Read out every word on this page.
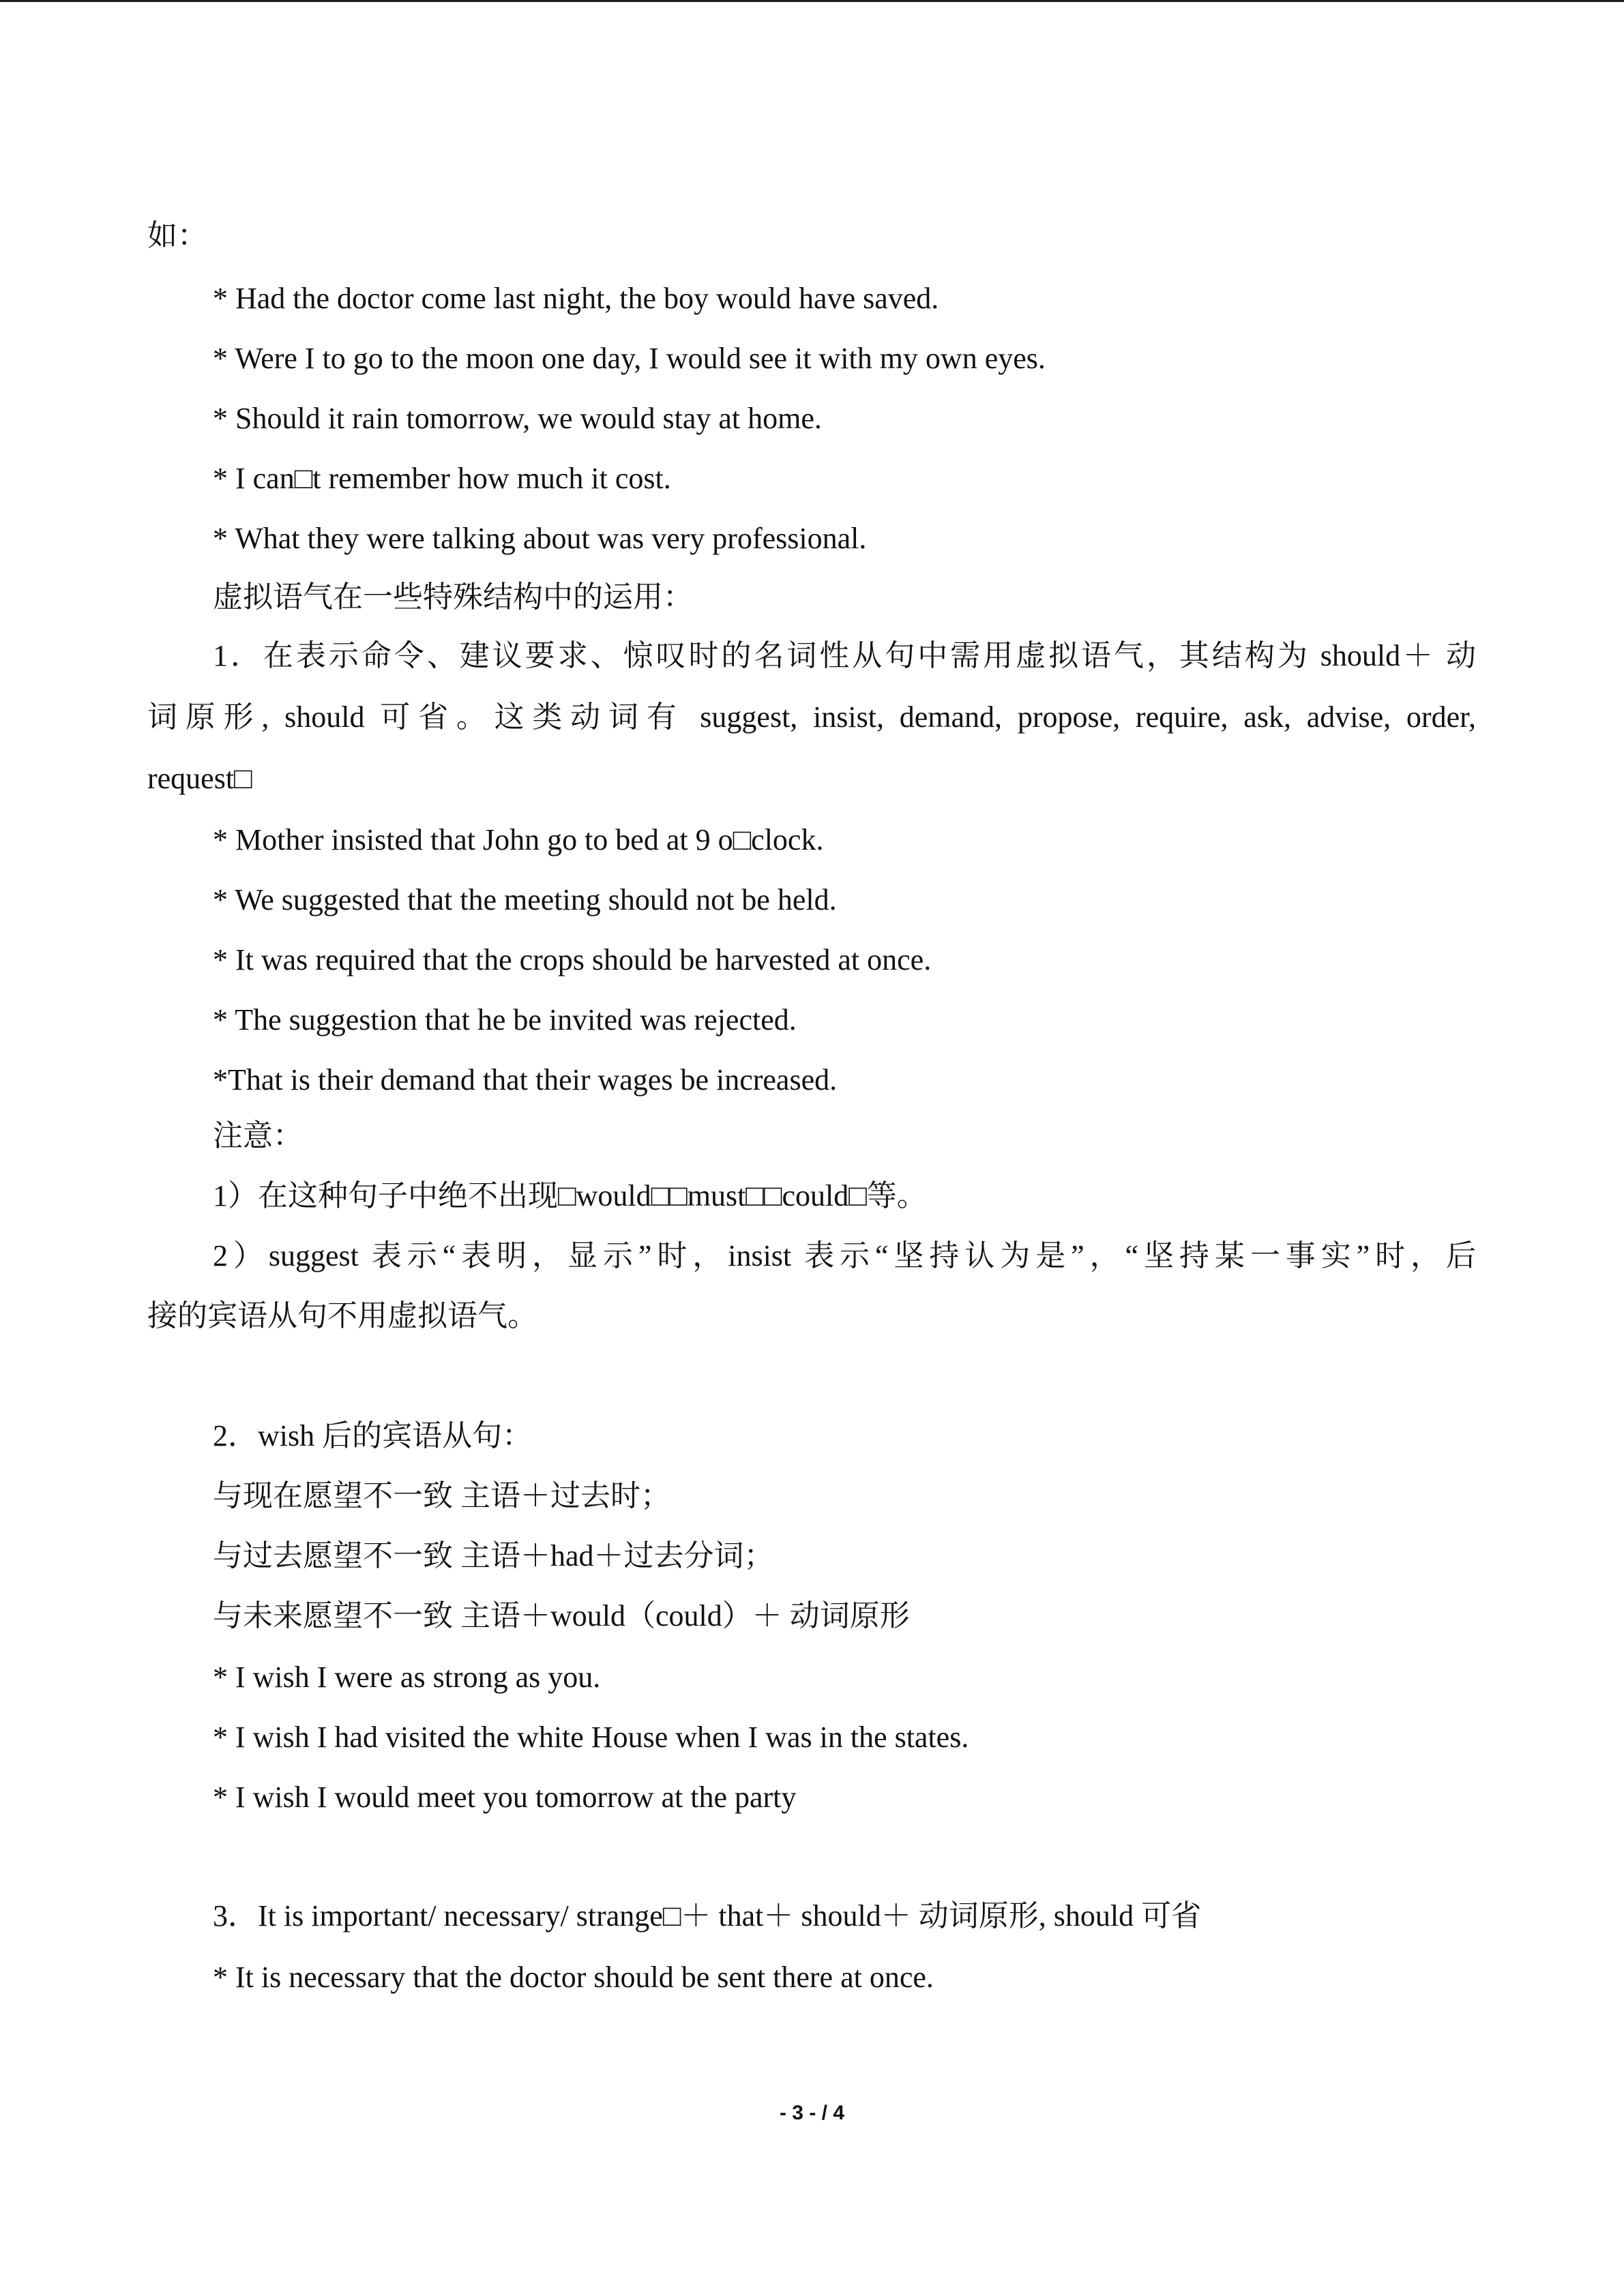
如：
* Had the doctor come last night, the boy would have saved.
* Were I to go to the moon one day, I would see it with my own eyes.
* Should it rain tomorrow, we would stay at home.
* I can□t remember how much it cost.
* What they were talking about was very professional.
虚拟语气在一些特殊结构中的运用：
1．在表示命令、建议要求、惊叹时的名词性从句中需用虚拟语气，其结构为 should＋ 动
词原形, should 可省。这类动词有 suggest, insist, demand, propose, require, ask, advise, order,
request□
* Mother insisted that John go to bed at 9 o□clock.
* We suggested that the meeting should not be held.
* It was required that the crops should be harvested at once.
* The suggestion that he be invited was rejected.
*That is their demand that their wages be increased.
注意：
1）在这种句子中绝不出现□would□□must□□could□等。
2）suggest 表示“表明，显示”时，insist 表示“坚持认为是”，“坚持某一事实”时，后
接的宾语从句不用虚拟语气。
2．wish 后的宾语从句：
与现在愿望不一致 主语＋过去时；
与过去愿望不一致 主语＋had＋过去分词；
与未来愿望不一致 主语＋would（could）＋ 动词原形
* I wish I were as strong as you.
* I wish I had visited the white House when I was in the states.
* I wish I would meet you tomorrow at the party
3．It is important/ necessary/ strange□＋ that＋ should＋ 动词原形, should 可省
* It is necessary that the doctor should be sent there at once.
- 3 - / 4
